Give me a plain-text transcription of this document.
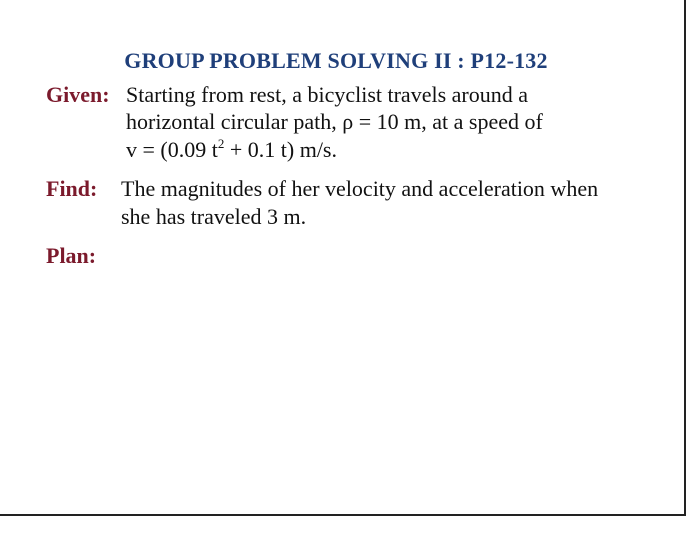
GROUP PROBLEM SOLVING II : P12-132
Given: Starting from rest, a bicyclist travels around a
horizontal circular path, ρ = 10 m, at a speed of
v = (0.09 $t^2 + 0.1$ t) m/s.
Find: The magnitudes of her velocity and acceleration when
she has traveled 3 m.
Plan:
